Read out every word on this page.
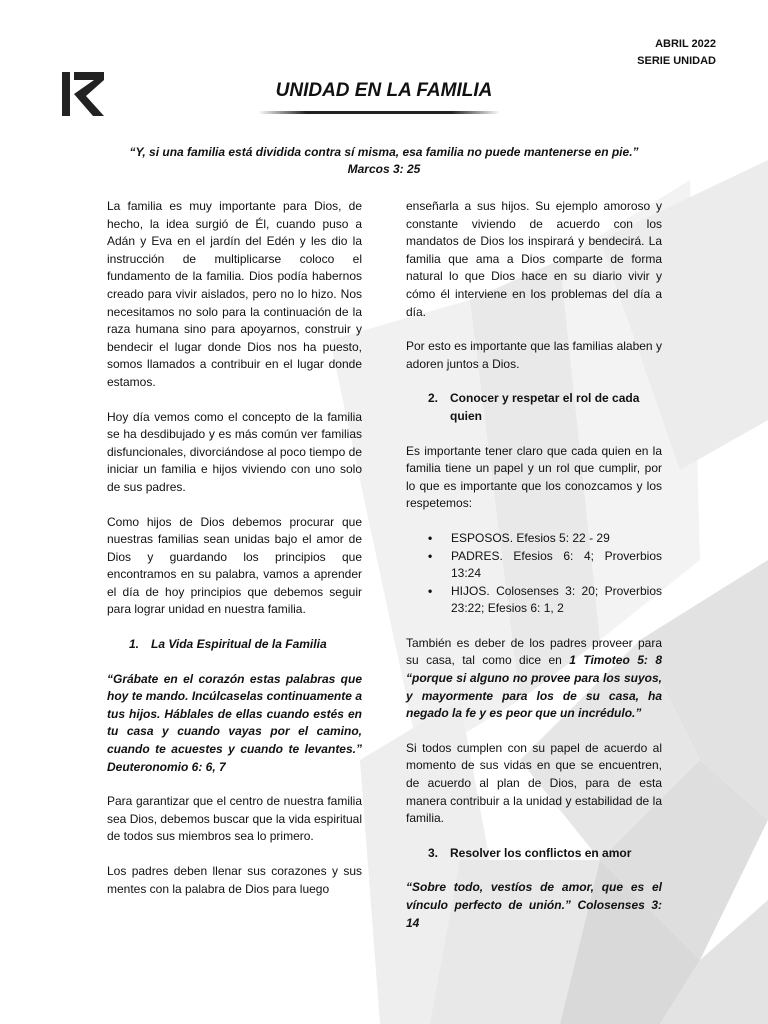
ABRIL 2022
SERIE UNIDAD
UNIDAD EN LA FAMILIA
“Y, si una familia está dividida contra sí misma, esa familia no puede mantenerse en pie.”
Marcos 3: 25

La familia es muy importante para Dios, de hecho, la idea surgió de Él, cuando puso a Adán y Eva en el jardín del Edén y les dio la instrucción de multiplicarse coloco el fundamento de la familia. Dios podía habernos creado para vivir aislados, pero no lo hizo. Nos necesitamos no solo para la continuación de la raza humana sino para apoyarnos, construir y bendecir el lugar donde Dios nos ha puesto, somos llamados a contribuir en el lugar donde estamos.

Hoy día vemos como el concepto de la familia se ha desdibujado y es más común ver familias disfuncionales, divorciándose al poco tiempo de iniciar un familia e hijos viviendo con uno solo de sus padres.

Como hijos de Dios debemos procurar que nuestras familias sean unidas bajo el amor de Dios y guardando los principios que encontramos en su palabra, vamos a aprender el día de hoy principios que debemos seguir para lograr unidad en nuestra familia.

1. La Vida Espiritual de la Familia

“Grábate en el corazón estas palabras que hoy te mando. Incúlcaselas continuamente a tus hijos. Háblales de ellas cuando estés en tu casa y cuando vayas por el camino, cuando te acuestes y cuando te levantes.” Deuteronomio 6: 6, 7

Para garantizar que el centro de nuestra familia sea Dios, debemos buscar que la vida espiritual de todos sus miembros sea lo primero.

Los padres deben llenar sus corazones y sus mentes con la palabra de Dios para luego

enseñarla a sus hijos. Su ejemplo amoroso y constante viviendo de acuerdo con los mandatos de Dios los inspirará y bendecirá. La familia que ama a Dios comparte de forma natural lo que Dios hace en su diario vivir y cómo él interviene en los problemas del día a día.

Por esto es importante que las familias alaben y adoren juntos a Dios.

2. Conocer y respetar el rol de cada quien

Es importante tener claro que cada quien en la familia tiene un papel y un rol que cumplir, por lo que es importante que los conozcamos y los respetemos:

•	ESPOSOS. Efesios 5: 22 - 29
•	PADRES. Efesios 6: 4; Proverbios 13:24
•	HIJOS. Colosenses 3: 20; Proverbios 23:22; Efesios 6: 1, 2

También es deber de los padres proveer para su casa, tal como dice en 1 Timoteo 5: 8 “porque si alguno no provee para los suyos, y mayormente para los de su casa, ha negado la fe y es peor que un incrédulo.”

Si todos cumplen con su papel de acuerdo al momento de sus vidas en que se encuentren, de acuerdo al plan de Dios, para de esta manera contribuir a la unidad y estabilidad de la familia.

3. Resolver los conflictos en amor

“Sobre todo, vestíos de amor, que es el vínculo perfecto de unión.” Colosenses 3: 14
